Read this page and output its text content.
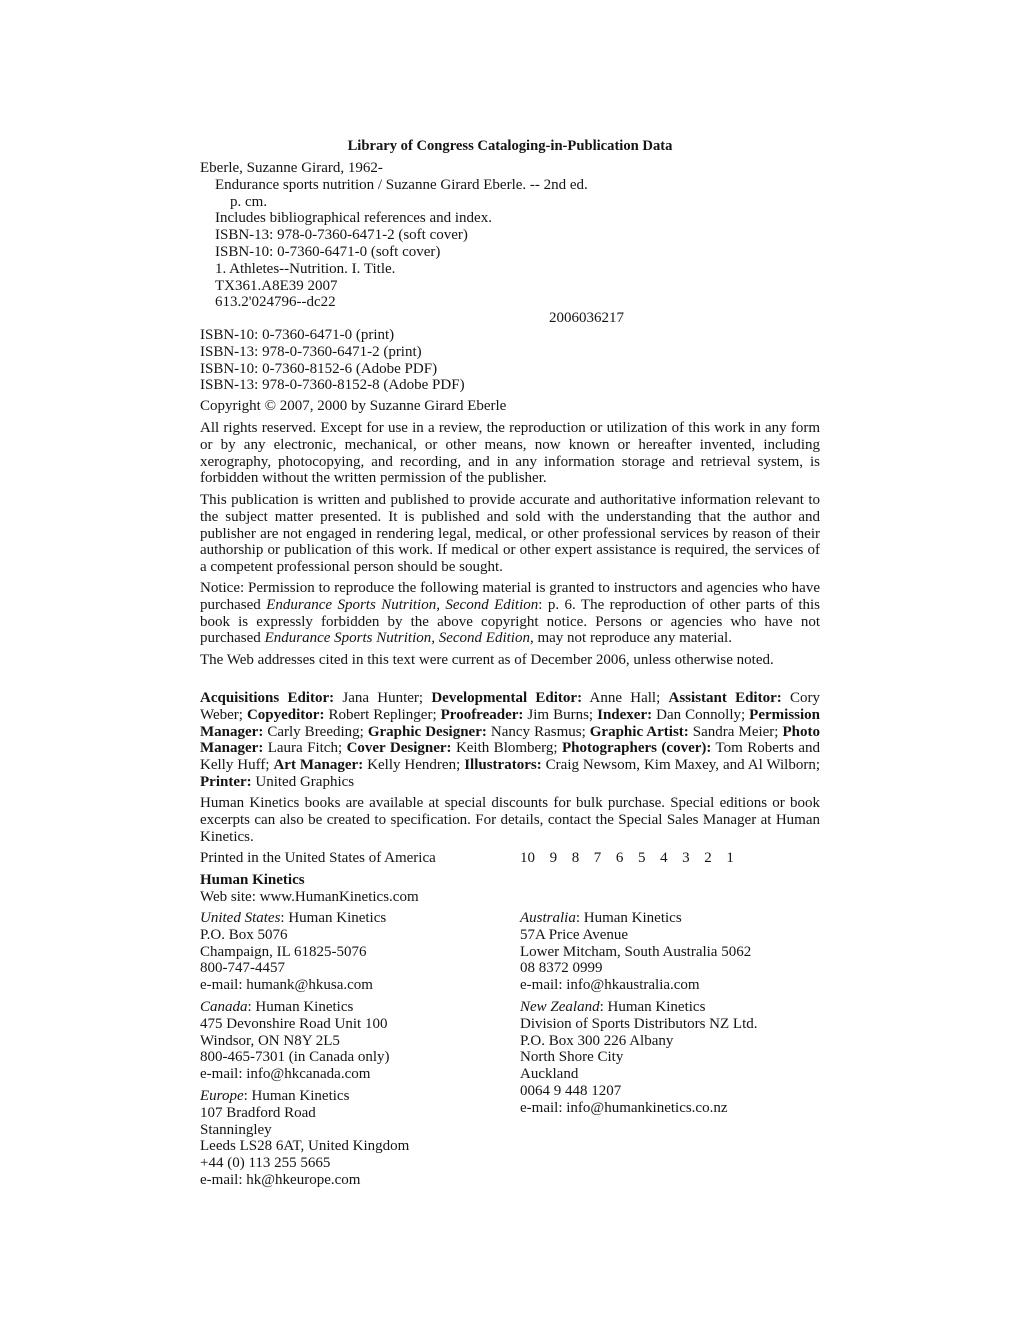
Library of Congress Cataloging-in-Publication Data
Eberle, Suzanne Girard, 1962-
Endurance sports nutrition / Suzanne Girard Eberle. -- 2nd ed.
p. cm.
Includes bibliographical references and index.
ISBN-13: 978-0-7360-6471-2 (soft cover)
ISBN-10: 0-7360-6471-0 (soft cover)
1. Athletes--Nutrition. I. Title.
TX361.A8E39 2007
613.2'024796--dc22
2006036217
ISBN-10: 0-7360-6471-0 (print)
ISBN-13: 978-0-7360-6471-2 (print)
ISBN-10: 0-7360-8152-6 (Adobe PDF)
ISBN-13: 978-0-7360-8152-8 (Adobe PDF)
Copyright © 2007, 2000 by Suzanne Girard Eberle
All rights reserved. Except for use in a review, the reproduction or utilization of this work in any form or by any electronic, mechanical, or other means, now known or hereafter invented, including xerography, photocopying, and recording, and in any information storage and retrieval system, is forbidden without the written permission of the publisher.
This publication is written and published to provide accurate and authoritative information relevant to the subject matter presented. It is published and sold with the understanding that the author and publisher are not engaged in rendering legal, medical, or other professional services by reason of their authorship or publication of this work. If medical or other expert assistance is required, the services of a competent professional person should be sought.
Notice: Permission to reproduce the following material is granted to instructors and agencies who have purchased Endurance Sports Nutrition, Second Edition: p. 6. The reproduction of other parts of this book is expressly forbidden by the above copyright notice. Persons or agencies who have not purchased Endurance Sports Nutrition, Second Edition, may not reproduce any material.
The Web addresses cited in this text were current as of December 2006, unless otherwise noted.
Acquisitions Editor: Jana Hunter; Developmental Editor: Anne Hall; Assistant Editor: Cory Weber; Copyeditor: Robert Replinger; Proofreader: Jim Burns; Indexer: Dan Connolly; Permission Manager: Carly Breeding; Graphic Designer: Nancy Rasmus; Graphic Artist: Sandra Meier; Photo Manager: Laura Fitch; Cover Designer: Keith Blomberg; Photographers (cover): Tom Roberts and Kelly Huff; Art Manager: Kelly Hendren; Illustrators: Craig Newsom, Kim Maxey, and Al Wilborn; Printer: United Graphics
Human Kinetics books are available at special discounts for bulk purchase. Special editions or book excerpts can also be created to specification. For details, contact the Special Sales Manager at Human Kinetics.
Printed in the United States of America	10 9 8 7 6 5 4 3 2 1
Human Kinetics
Web site: www.HumanKinetics.com
United States: Human Kinetics
P.O. Box 5076
Champaign, IL 61825-5076
800-747-4457
e-mail: humank@hkusa.com
Canada: Human Kinetics
475 Devonshire Road Unit 100
Windsor, ON N8Y 2L5
800-465-7301 (in Canada only)
e-mail: info@hkcanada.com
Europe: Human Kinetics
107 Bradford Road
Stanningley
Leeds LS28 6AT, United Kingdom
+44 (0) 113 255 5665
e-mail: hk@hkeurope.com
Australia: Human Kinetics
57A Price Avenue
Lower Mitcham, South Australia 5062
08 8372 0999
e-mail: info@hkaustralia.com
New Zealand: Human Kinetics
Division of Sports Distributors NZ Ltd.
P.O. Box 300 226 Albany
North Shore City
Auckland
0064 9 448 1207
e-mail: info@humankinetics.co.nz
